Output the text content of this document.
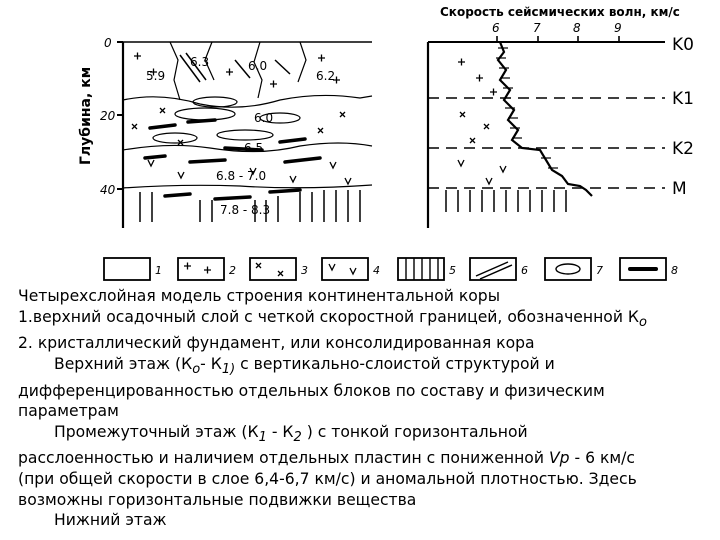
Глубина, км
0
20
40
5.9
6.3	6.0
6.2
6.0
6.5
6.8 - 7.0
7.8 - 8.3
Скорость сейсмических волн, км/с
6	7	8	9
K0
K1
K2
M
1	2	3	4	5	6	7	8

Четырехслойная модель строения континентальной коры

1.верхний осадочный слой с четкой скоростной границей, обозначенной $К_о$

2. кристаллический фундамент, или консолидированная кора

Верхний этаж ($К_о-$ $К_{1)}$ с вертикально-слоистой структурой и

дифференцированностью отдельных блоков по составу и физическим

параметрам

Промежуточный этаж ($К_1 - К_2$ ) с тонкой горизонтальной

расслоенностью и наличием отдельных пластин с пониженной Vp - 6 км/с

(при общей скорости в слое 6,4-6,7 км/с) и аномальной плотностью. Здесь

возможны горизонтальные подвижки вещества

Нижний этаж
